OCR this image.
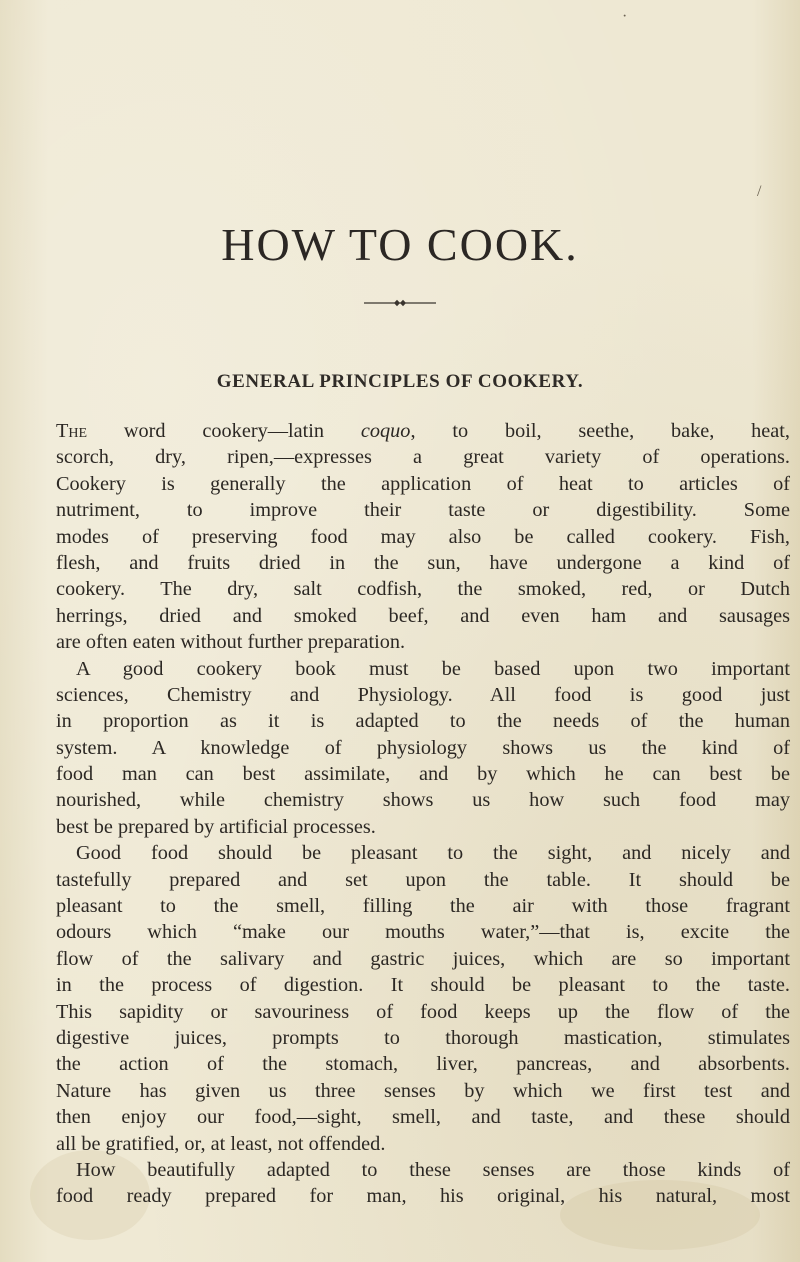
·
/
HOW TO COOK.
GENERAL PRINCIPLES OF COOKERY.
The word cookery—latin coquo, to boil, seethe, bake, heat,
scorch, dry, ripen,—expresses a great variety of operations.
Cookery is generally the application of heat to articles of
nutriment, to improve their taste or digestibility. Some
modes of preserving food may also be called cookery. Fish,
flesh, and fruits dried in the sun, have undergone a kind of
cookery. The dry, salt codfish, the smoked, red, or Dutch
herrings, dried and smoked beef, and even ham and sausages
are often eaten without further preparation.
A good cookery book must be based upon two important
sciences, Chemistry and Physiology. All food is good just
in proportion as it is adapted to the needs of the human
system. A knowledge of physiology shows us the kind of
food man can best assimilate, and by which he can best be
nourished, while chemistry shows us how such food may
best be prepared by artificial processes.
Good food should be pleasant to the sight, and nicely and
tastefully prepared and set upon the table. It should be
pleasant to the smell, filling the air with those fragrant
odours which “make our mouths water,”—that is, excite the
flow of the salivary and gastric juices, which are so important
in the process of digestion. It should be pleasant to the taste.
This sapidity or savouriness of food keeps up the flow of the
digestive juices, prompts to thorough mastication, stimulates
the action of the stomach, liver, pancreas, and absorbents.
Nature has given us three senses by which we first test and
then enjoy our food,—sight, smell, and taste, and these should
all be gratified, or, at least, not offended.
How beautifully adapted to these senses are those kinds of
food ready prepared for man, his original, his natural, most
